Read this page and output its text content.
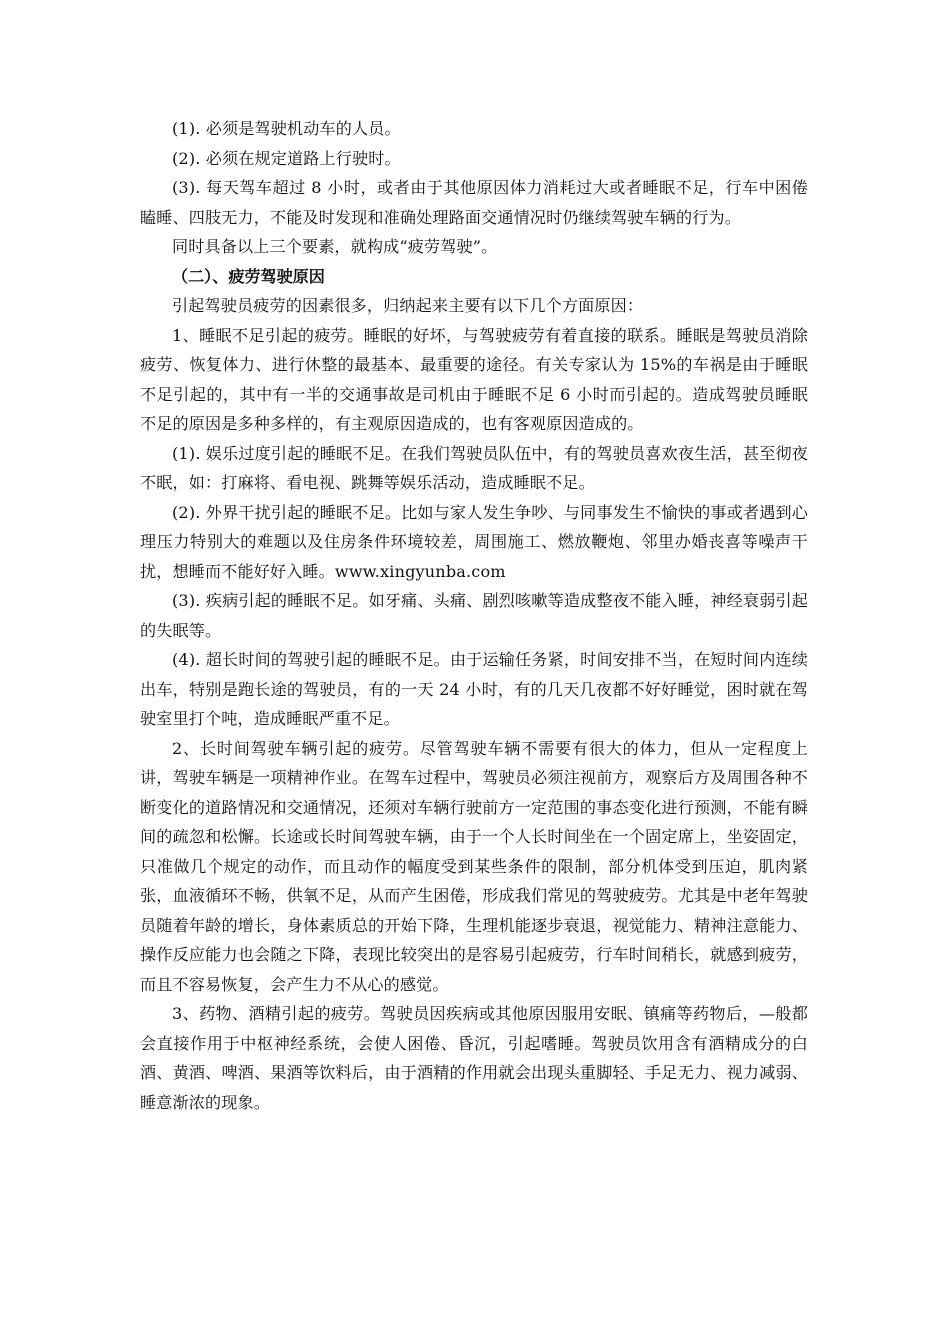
(1). 必须是驾驶机动车的人员。

(2). 必须在规定道路上行驶时。

(3). 每天驾车超过 8 小时，或者由于其他原因体力消耗过大或者睡眠不足，行车中困倦瞌睡、四肢无力，不能及时发现和准确处理路面交通情况时仍继续驾驶车辆的行为。

同时具备以上三个要素，就构成“疲劳驾驶”。

（二）、疲劳驾驶原因

引起驾驶员疲劳的因素很多，归纳起来主要有以下几个方面原因：

1、睡眠不足引起的疲劳。睡眠的好坏，与驾驶疲劳有着直接的联系。睡眠是驾驶员消除疲劳、恢复体力、进行休整的最基本、最重要的途径。有关专家认为 15%的车祸是由于睡眠不足引起的，其中有一半的交通事故是司机由于睡眠不足 6 小时而引起的。造成驾驶员睡眠不足的原因是多种多样的，有主观原因造成的，也有客观原因造成的。

(1). 娱乐过度引起的睡眠不足。在我们驾驶员队伍中，有的驾驶员喜欢夜生活，甚至彻夜不眠，如：打麻将、看电视、跳舞等娱乐活动，造成睡眠不足。

(2). 外界干扰引起的睡眠不足。比如与家人发生争吵、与同事发生不愉快的事或者遇到心理压力特别大的难题以及住房条件环境较差，周围施工、燃放鞭炮、邻里办婚丧喜等噪声干扰，想睡而不能好好入睡。www.xingyunba.com

(3). 疾病引起的睡眠不足。如牙痛、头痛、剧烈咳嗽等造成整夜不能入睡，神经衰弱引起的失眠等。

(4). 超长时间的驾驶引起的睡眠不足。由于运输任务紧，时间安排不当，在短时间内连续出车，特别是跑长途的驾驶员，有的一天 24 小时，有的几天几夜都不好好睡觉，困时就在驾驶室里打个吨，造成睡眠严重不足。

2、长时间驾驶车辆引起的疲劳。尽管驾驶车辆不需要有很大的体力，但从一定程度上讲，驾驶车辆是一项精神作业。在驾车过程中，驾驶员必须注视前方，观察后方及周围各种不断变化的道路情况和交通情况，还须对车辆行驶前方一定范围的事态变化进行预测，不能有瞬间的疏忽和松懈。长途或长时间驾驶车辆，由于一个人长时间坐在一个固定席上，坐姿固定，只准做几个规定的动作，而且动作的幅度受到某些条件的限制，部分机体受到压迫，肌肉紧张，血液循环不畅，供氧不足，从而产生困倦，形成我们常见的驾驶疲劳。尤其是中老年驾驶员随着年龄的增长，身体素质总的开始下降，生理机能逐步衰退，视觉能力、精神注意能力、操作反应能力也会随之下降，表现比较突出的是容易引起疲劳，行车时间稍长，就感到疲劳，而且不容易恢复，会产生力不从心的感觉。

3、药物、酒精引起的疲劳。驾驶员因疾病或其他原因服用安眠、镇痛等药物后，—般都会直接作用于中枢神经系统，会使人困倦、昏沉，引起嗜睡。驾驶员饮用含有酒精成分的白酒、黄酒、啤酒、果酒等饮料后，由于酒精的作用就会出现头重脚轻、手足无力、视力减弱、睡意渐浓的现象。
